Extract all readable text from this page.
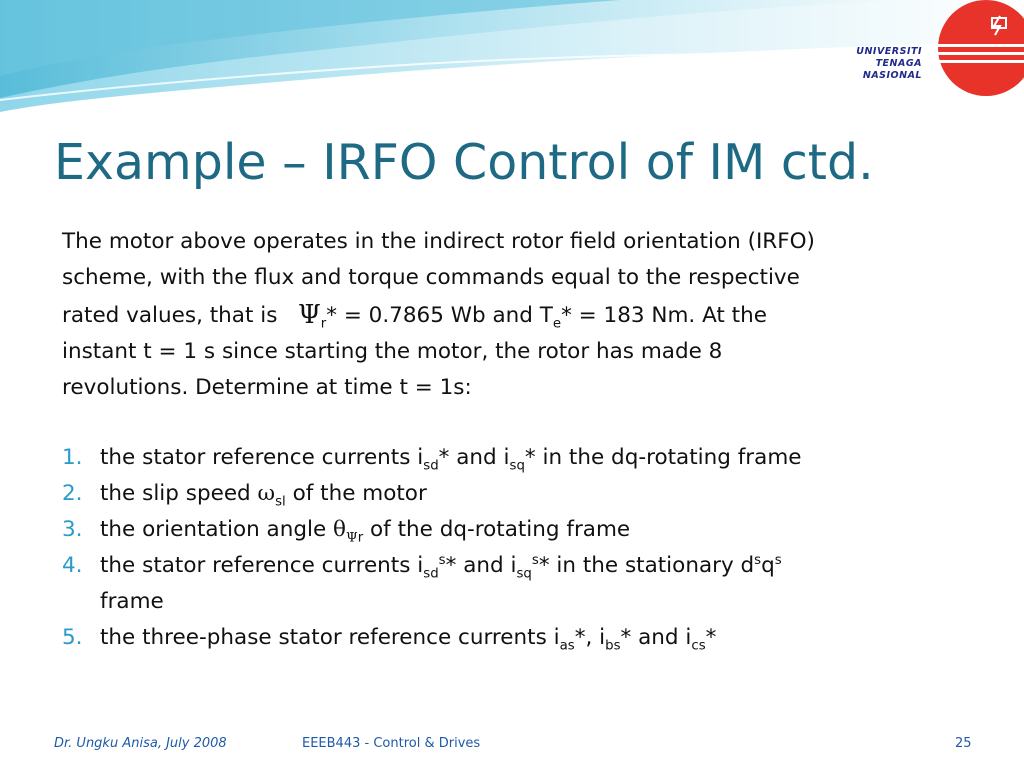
UNIVERSITI
TENAGA
NASIONAL
Example – IRFO Control of IM ctd.

The motor above operates in the indirect rotor field orientation (IRFO)
scheme, with the flux and torque commands equal to the respective
rated values, that is $\Psi_r* = 0.7865$ Wb and $T_e* = 183$ Nm. At the
instant t = 1 s since starting the motor, the rotor has made 8
revolutions. Determine at time t = 1s:

1. the stator reference currents $i_{sd}*$ and $i_{sq}*$ in the dq-rotating frame
2. the slip speed $\omega_{sl}$ of the motor
3. the orientation angle $\theta_{\Psi r}$ of the dq-rotating frame
4. the stator reference currents $i_{sd}^s*$ and $i_{sq}^s*$ in the stationary $d^sq^s$
frame
5. the three-phase stator reference currents $i_{as}*$, $i_{bs}*$ and $i_{cs}*$
Dr. Ungku Anisa, July 2008	EEEB443 - Control & Drives	25
